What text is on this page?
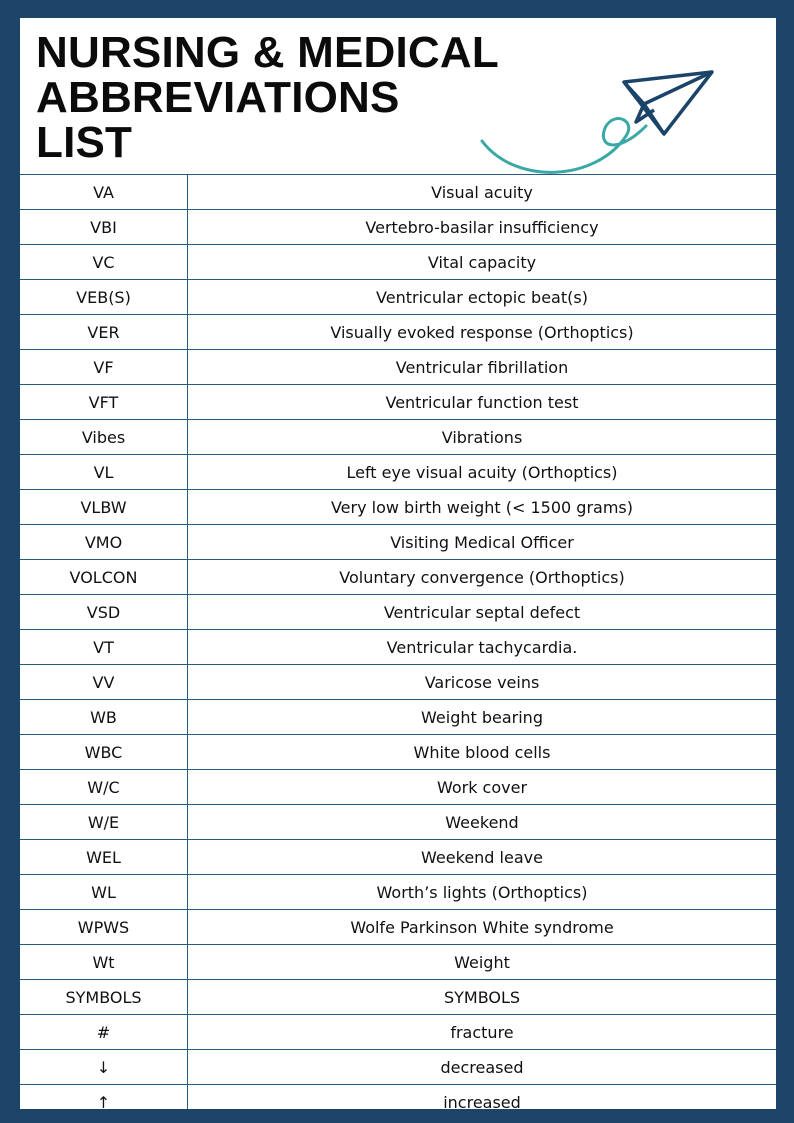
NURSING & MEDICAL
ABBREVIATIONS
LIST
VA	Visual acuity
VBI	Vertebro-basilar insufficiency
VC	Vital capacity
VEB(S)	Ventricular ectopic beat(s)
VER	Visually evoked response (Orthoptics)
VF	Ventricular fibrillation
VFT	Ventricular function test
Vibes	Vibrations
VL	Left eye visual acuity (Orthoptics)
VLBW	Very low birth weight (< 1500 grams)
VMO	Visiting Medical Officer
VOLCON	Voluntary convergence (Orthoptics)
VSD	Ventricular septal defect
VT	Ventricular tachycardia.
VV	Varicose veins
WB	Weight bearing
WBC	White blood cells
W/C	Work cover
W/E	Weekend
WEL	Weekend leave
WL	Worth’s lights (Orthoptics)
WPWS	Wolfe Parkinson White syndrome
Wt	Weight
SYMBOLS	SYMBOLS
#	fracture
↓	decreased
↑	increased
